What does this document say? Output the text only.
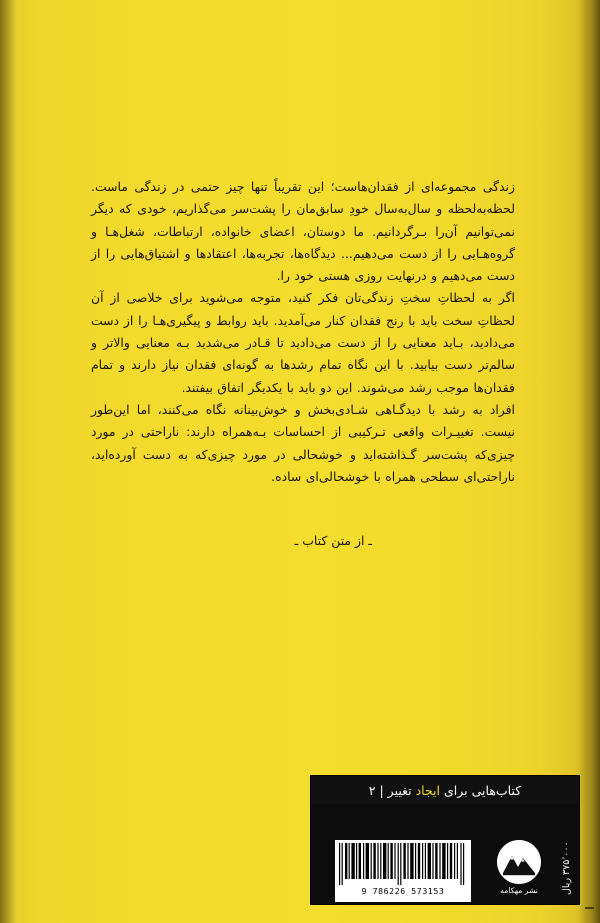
زندگی مجموعه‌ای از فقدان‌هاست؛ این تقریباً تنها چیز حتمی در زندگی ماست. لحظه‌به‌لحظه و سال‌به‌سال خودِ سابق‌مان را پشت‌سر می‌گذاریم، خودی که دیگر نمی‌توانیم آن‌را بـرگردانیم. ما دوستان، اعضای خانواده، ارتباطات، شغل‌هـا و گروه‌هـایی را از دست می‌دهیم... دیدگاه‌ها، تجربه‌ها، اعتقادها و اشتیاق‌هایی را از دست می‌دهیم و درنهایت روزی هستی خود را.

اگر به لحظاتِ سختِ زندگی‌تان فکر کنید، متوجه می‌شوید برای خلاصی از آن لحظاتِ سخت باید با رنج فقدان کنار می‌آمدید. باید روابط و پیگیری‌هـا را از دست می‌دادید، بـاید معنایی را از دست می‌دادید تا قـادر می‌شدید بـه معنایی والاتر و سالم‌تر دست بیابید. با این نگاه تمام رشدها به گونه‌ای فقدان نیاز دارند و تمام فقدان‌ها موجب رشد می‌شوند. این دو باید با یکدیگر اتفاق بیفتند.

افراد به رشد با دیدگـاهی شـادی‌بخش و خوش‌بینانه نگاه می‌کنند، اما این‌طور نیست. تغییـرات واقعی تـرکیبی از احساسات بـه‌همراه دارند: ناراحتی در مورد چیزی‌که پشت‌سر گـذاشته‌اید و خوشحالی در مورد چیزی‌که به دست آورده‌اید، ناراحتی‌ای سطحی همراه با خوشحالی‌ای ساده.

ـ از متن کتاب ـ
کتاب‌هایی برای ایجاد تغییر | ۲
9 786226 573153	نشر مهکامه ۳۷۵٬۰۰۰ ریال
